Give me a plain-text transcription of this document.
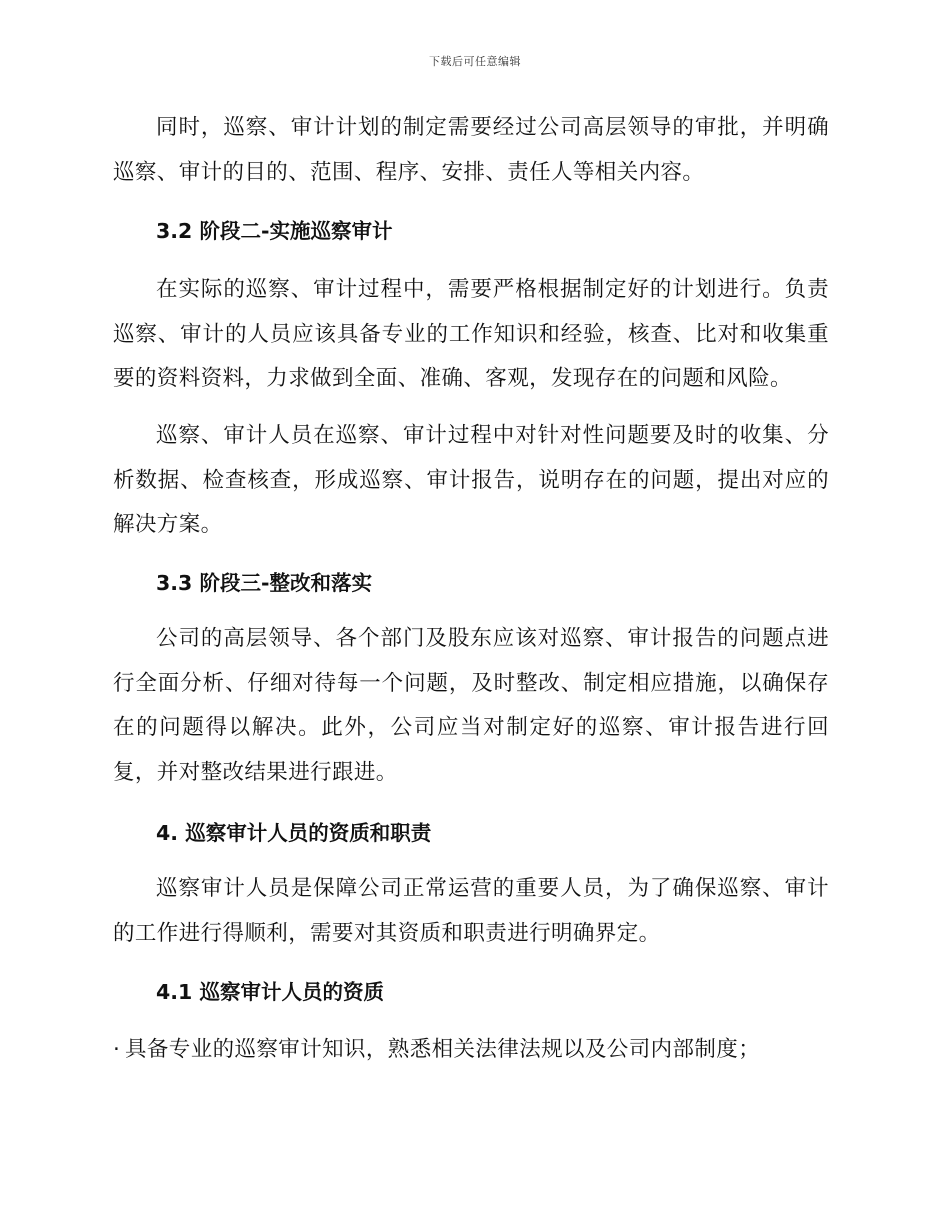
下载后可任意编辑
同时，巡察、审计计划的制定需要经过公司高层领导的审批，并明确巡察、审计的目的、范围、程序、安排、责任人等相关内容。
3.2 阶段二-实施巡察审计
在实际的巡察、审计过程中，需要严格根据制定好的计划进行。负责巡察、审计的人员应该具备专业的工作知识和经验，核查、比对和收集重要的资料资料，力求做到全面、准确、客观，发现存在的问题和风险。
巡察、审计人员在巡察、审计过程中对针对性问题要及时的收集、分析数据、检查核查，形成巡察、审计报告，说明存在的问题，提出对应的解决方案。
3.3 阶段三-整改和落实
公司的高层领导、各个部门及股东应该对巡察、审计报告的问题点进行全面分析、仔细对待每一个问题，及时整改、制定相应措施，以确保存在的问题得以解决。此外，公司应当对制定好的巡察、审计报告进行回复，并对整改结果进行跟进。
4. 巡察审计人员的资质和职责
巡察审计人员是保障公司正常运营的重要人员，为了确保巡察、审计的工作进行得顺利，需要对其资质和职责进行明确界定。
4.1 巡察审计人员的资质
· 具备专业的巡察审计知识，熟悉相关法律法规以及公司内部制度；
